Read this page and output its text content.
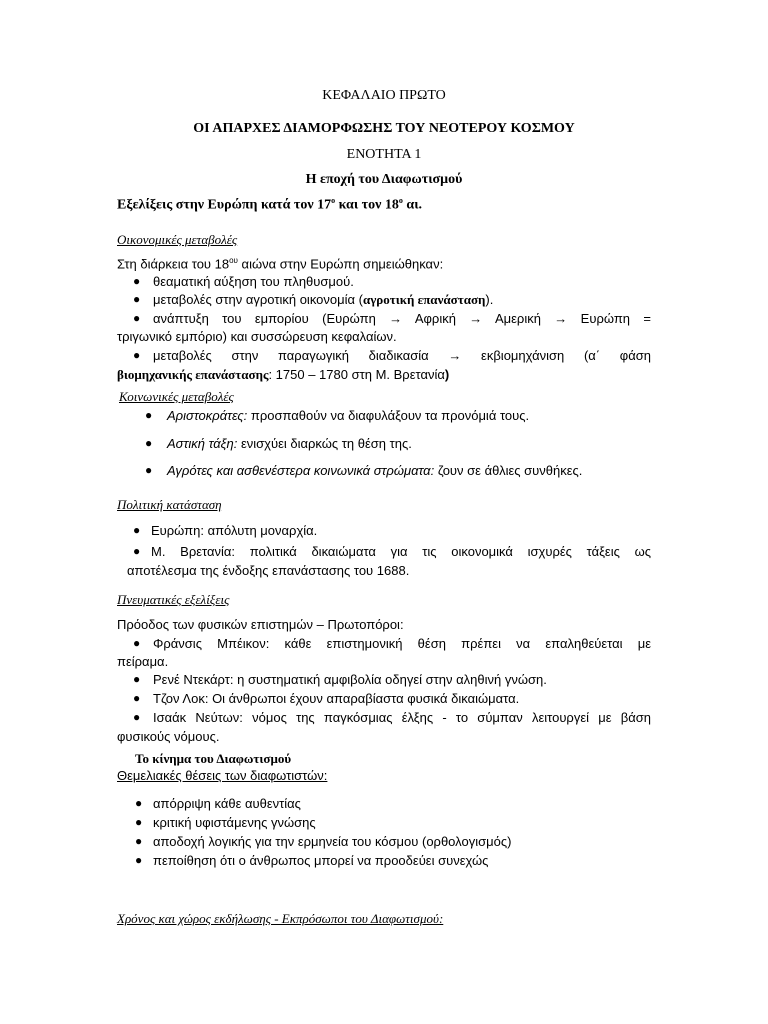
ΚΕΦΑΛΑΙΟ ΠΡΩΤΟ
ΟΙ ΑΠΑΡΧΕΣ ΔΙΑΜΟΡΦΩΣΗΣ ΤΟΥ ΝΕΟΤΕΡΟΥ ΚΟΣΜΟΥ
ΕΝΟΤΗΤΑ 1
Η εποχή του Διαφωτισμού
Εξελίξεις στην Ευρώπη κατά τον $17^o$ και τον $18^o$ αι.
Οικονομικές μεταβολές
Στη διάρκεια του $18^{o\upsilon}$ αιώνα στην Ευρώπη σημειώθηκαν:
● θεαματική αύξηση του πληθυσμού.
● μεταβολές στην αγροτική οικονομία (αγροτική επανάσταση).
● ανάπτυξη του εμπορίου (Ευρώπη → Αφρική → Αμερική → Ευρώπη =
τριγωνικό εμπόριο) και συσσώρευση κεφαλαίων.
● μεταβολές στην παραγωγική διαδικασία → εκβιομηχάνιση (α΄ φάση
βιομηχανικής επανάστασης: 1750 – 1780 στη Μ. Βρετανία)
Κοινωνικές μεταβολές
● Αριστοκράτες: προσπαθούν να διαφυλάξουν τα προνόμιά τους.
● Αστική τάξη: ενισχύει διαρκώς τη θέση της.
● Αγρότες και ασθενέστερα κοινωνικά στρώματα: ζουν σε άθλιες συνθήκες.
Πολιτική κατάσταση
● Ευρώπη: απόλυτη μοναρχία.
● Μ. Βρετανία: πολιτικά δικαιώματα για τις οικονομικά ισχυρές τάξεις ως
αποτέλεσμα της ένδοξης επανάστασης του 1688.
Πνευματικές εξελίξεις
Πρόοδος των φυσικών επιστημών – Πρωτοπόροι:
● Φράνσις Μπέικον: κάθε επιστημονική θέση πρέπει να επαληθεύεται με
πείραμα.
● Ρενέ Ντεκάρτ: η συστηματική αμφιβολία οδηγεί στην αληθινή γνώση.
● Τζον Λοκ: Οι άνθρωποι έχουν απαραβίαστα φυσικά δικαιώματα.
● Ισαάκ Νεύτων: νόμος της παγκόσμιας έλξης - το σύμπαν λειτουργεί με βάση
φυσικούς νόμους.
Το κίνημα του Διαφωτισμού
Θεμελιακές θέσεις των διαφωτιστών:
● απόρριψη κάθε αυθεντίας
● κριτική υφιστάμενης γνώσης
● αποδοχή λογικής για την ερμηνεία του κόσμου (ορθολογισμός)
● πεποίθηση ότι ο άνθρωπος μπορεί να προοδεύει συνεχώς
Χρόνος και χώρος εκδήλωσης - Εκπρόσωποι του Διαφωτισμού:
